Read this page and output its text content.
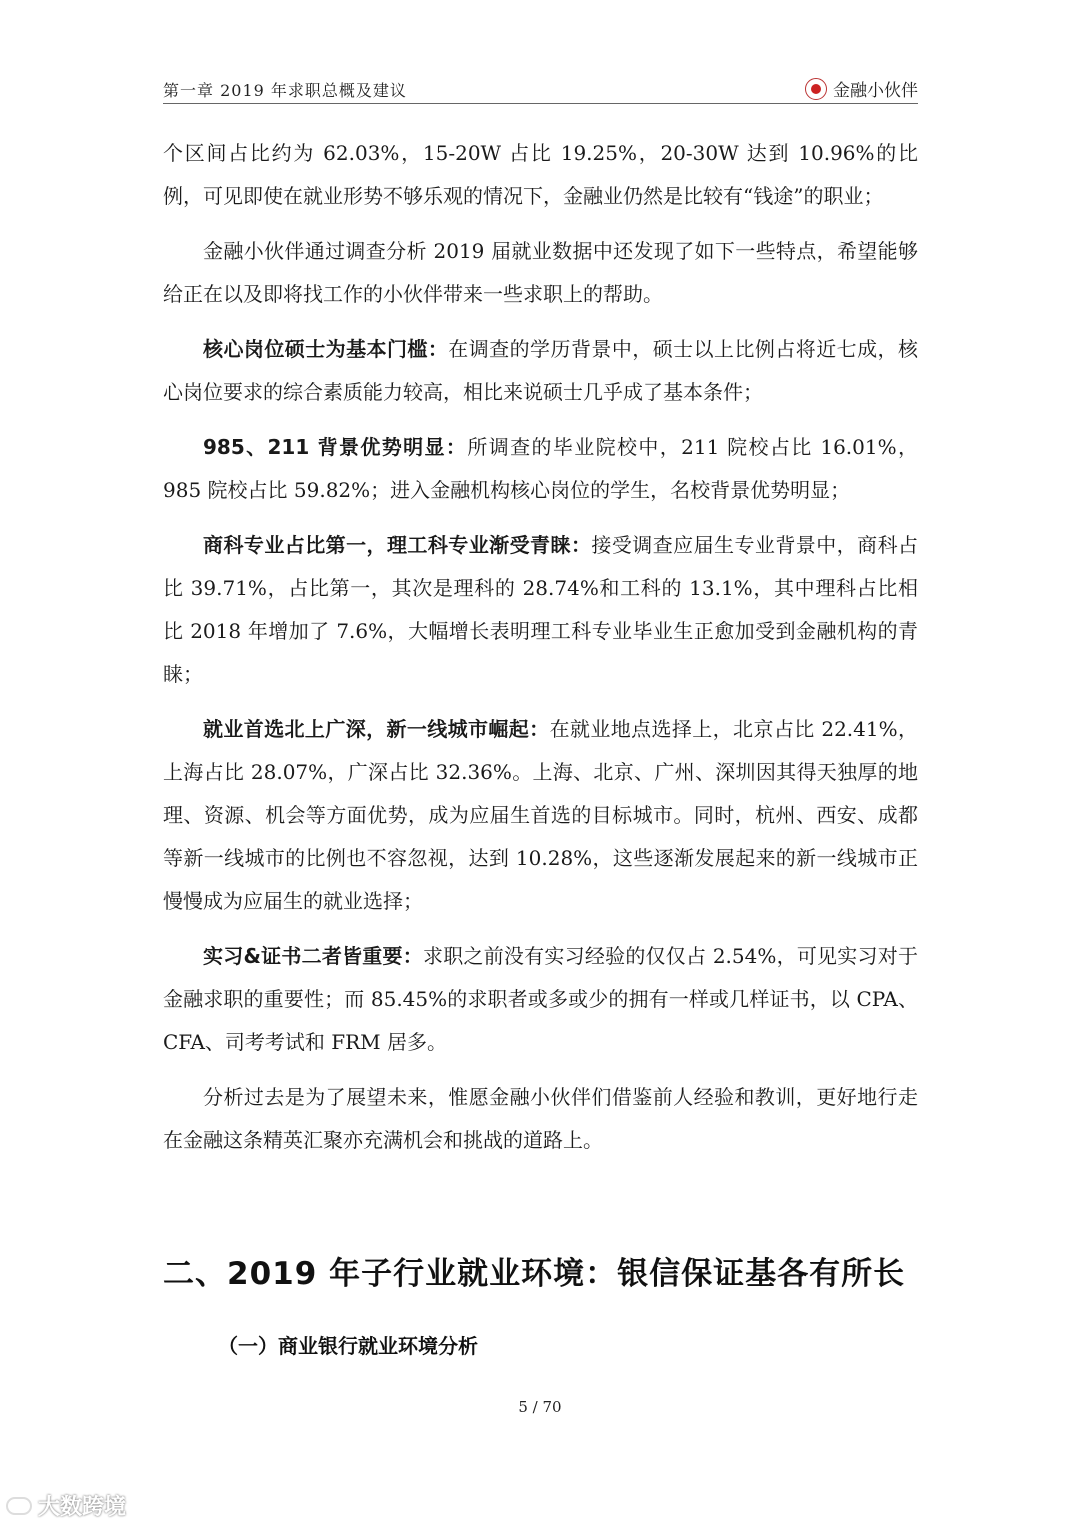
第一章 2019 年求职总概及建议	金融小伙伴

个区间占比约为 62.03%，15-20W 占比 19.25%，20-30W 达到 10.96%的比例，可见即使在就业形势不够乐观的情况下，金融业仍然是比较有“钱途”的职业；

金融小伙伴通过调查分析 2019 届就业数据中还发现了如下一些特点，希望能够给正在以及即将找工作的小伙伴带来一些求职上的帮助。

核心岗位硕士为基本门槛：在调查的学历背景中，硕士以上比例占将近七成，核心岗位要求的综合素质能力较高，相比来说硕士几乎成了基本条件；

985、211 背景优势明显：所调查的毕业院校中，211 院校占比 16.01%，985 院校占比 59.82%；进入金融机构核心岗位的学生，名校背景优势明显；

商科专业占比第一，理工科专业渐受青睐：接受调查应届生专业背景中，商科占比 39.71%，占比第一，其次是理科的 28.74%和工科的 13.1%，其中理科占比相比 2018 年增加了 7.6%，大幅增长表明理工科专业毕业生正愈加受到金融机构的青睐；

就业首选北上广深，新一线城市崛起：在就业地点选择上，北京占比 22.41%，上海占比 28.07%，广深占比 32.36%。上海、北京、广州、深圳因其得天独厚的地理、资源、机会等方面优势，成为应届生首选的目标城市。同时，杭州、西安、成都等新一线城市的比例也不容忽视，达到 10.28%，这些逐渐发展起来的新一线城市正慢慢成为应届生的就业选择；

实习&证书二者皆重要：求职之前没有实习经验的仅仅占 2.54%，可见实习对于金融求职的重要性；而 85.45%的求职者或多或少的拥有一样或几样证书，以 CPA、CFA、司考考试和 FRM 居多。

分析过去是为了展望未来，惟愿金融小伙伴们借鉴前人经验和教训，更好地行走在金融这条精英汇聚亦充满机会和挑战的道路上。

二、2019 年子行业就业环境：银信保证基各有所长
（一）商业银行就业环境分析
5 / 70
大数跨境
